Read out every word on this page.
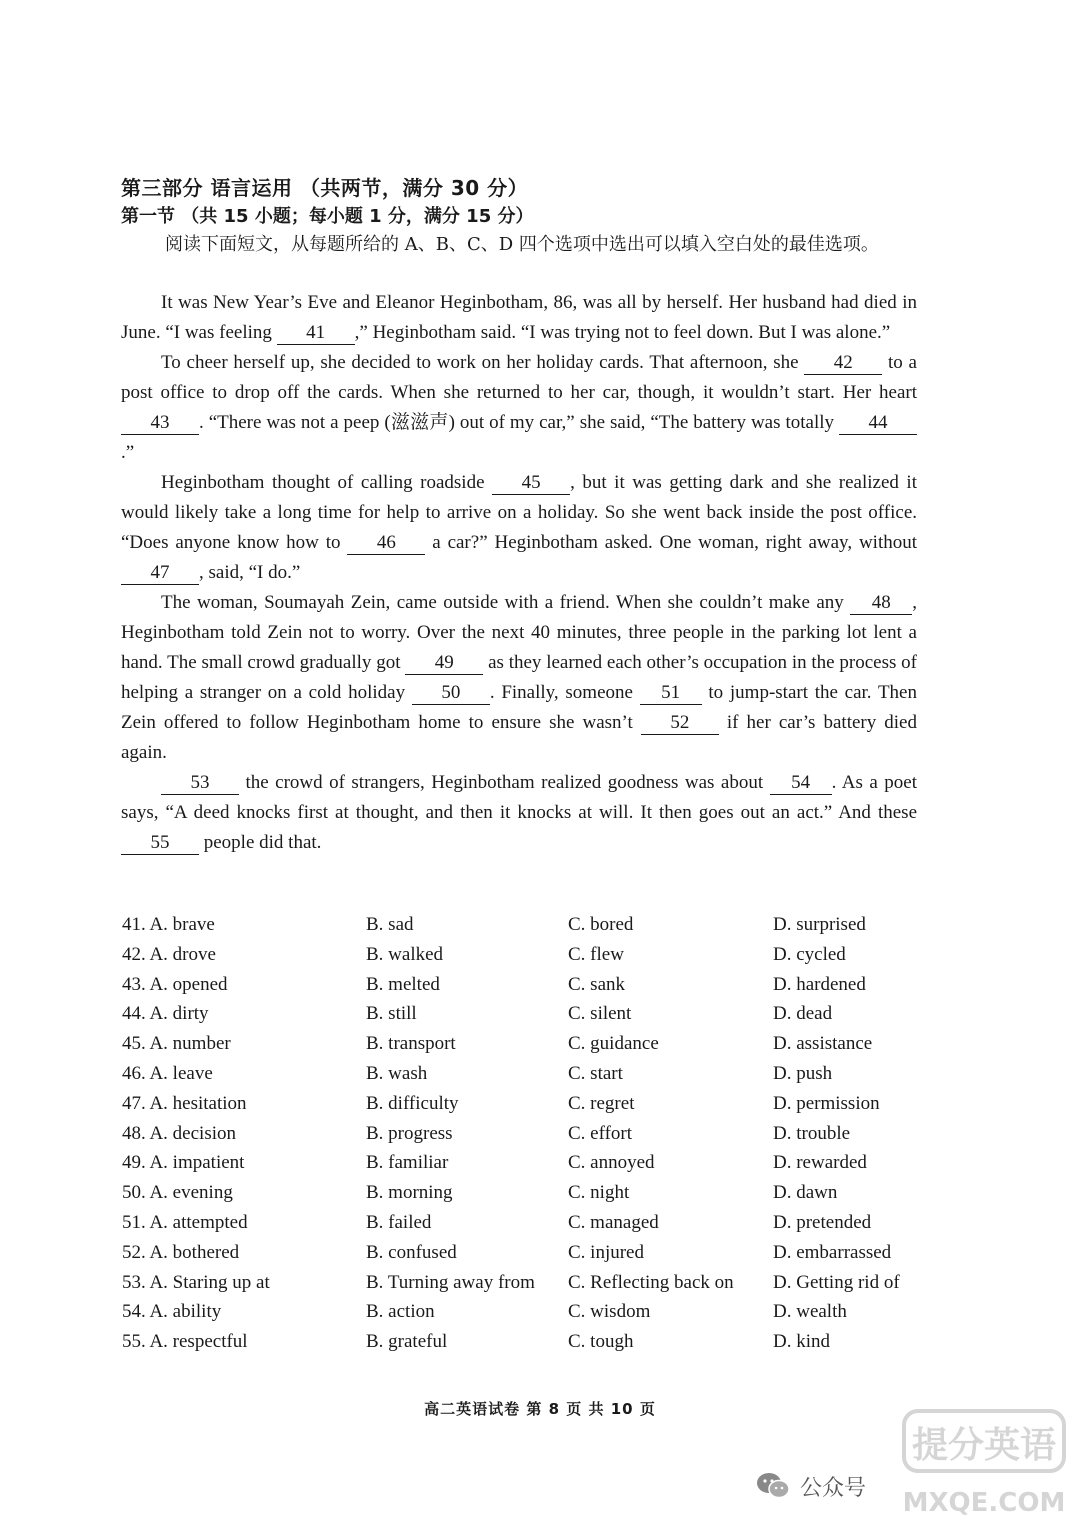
第三部分 语言运用 （共两节，满分 30 分）
第一节 （共 15 小题；每小题 1 分，满分 15 分）
阅读下面短文，从每题所给的 A、B、C、D 四个选项中选出可以填入空白处的最佳选项。

It was New Year’s Eve and Eleanor Heginbotham, 86, was all by herself. Her husband had died in June. “I was feeling 41 ,” Heginbotham said. “I was trying not to feel down. But I was alone.”

To cheer herself up, she decided to work on her holiday cards. That afternoon, she 42 to a post office to drop off the cards. When she returned to her car, though, it wouldn’t start. Her heart 43 . “There was not a peep (滋滋声) out of my car,” she said, “The battery was totally 44.”

Heginbotham thought of calling roadside 45 , but it was getting dark and she realized it would likely take a long time for help to arrive on a holiday. So she went back inside the post office. “Does anyone know how to 46 a car?” Heginbotham asked. One woman, right away, without 47 , said, “I do.”

The woman, Soumayah Zein, came outside with a friend. When she couldn’t make any 48 , Heginbotham told Zein not to worry. Over the next 40 minutes, three people in the parking lot lent a hand. The small crowd gradually got 49 as they learned each other’s occupation in the process of helping a stranger on a cold holiday 50 . Finally, someone 51 to jump-start the car. Then Zein offered to follow Heginbotham home to ensure she wasn’t 52 if her car’s battery died again.

53 the crowd of strangers, Heginbotham realized goodness was about 54 . As a poet says, “A deed knocks first at thought, and then it knocks at will. It then goes out an act.” And these 55 people did that.

41. A. brave	B. sad	C. bored	D. surprised
42. A. drove	B. walked	C. flew	D. cycled
43. A. opened	B. melted	C. sank	D. hardened
44. A. dirty	B. still	C. silent	D. dead
45. A. number	B. transport	C. guidance	D. assistance
46. A. leave	B. wash	C. start	D. push
47. A. hesitation	B. difficulty	C. regret	D. permission
48. A. decision	B. progress	C. effort	D. trouble
49. A. impatient	B. familiar	C. annoyed	D. rewarded
50. A. evening	B. morning	C. night	D. dawn
51. A. attempted	B. failed	C. managed	D. pretended
52. A. bothered	B. confused	C. injured	D. embarrassed
53. A. Staring up at	B. Turning away from C. Reflecting back on D. Getting rid of
54. A. ability	B. action	C. wisdom	D. wealth
55. A. respectful	B. grateful	C. tough	D. kind
高二英语试卷 第 8 页 共 10 页
提分英语
MXQE.COM
公众号
